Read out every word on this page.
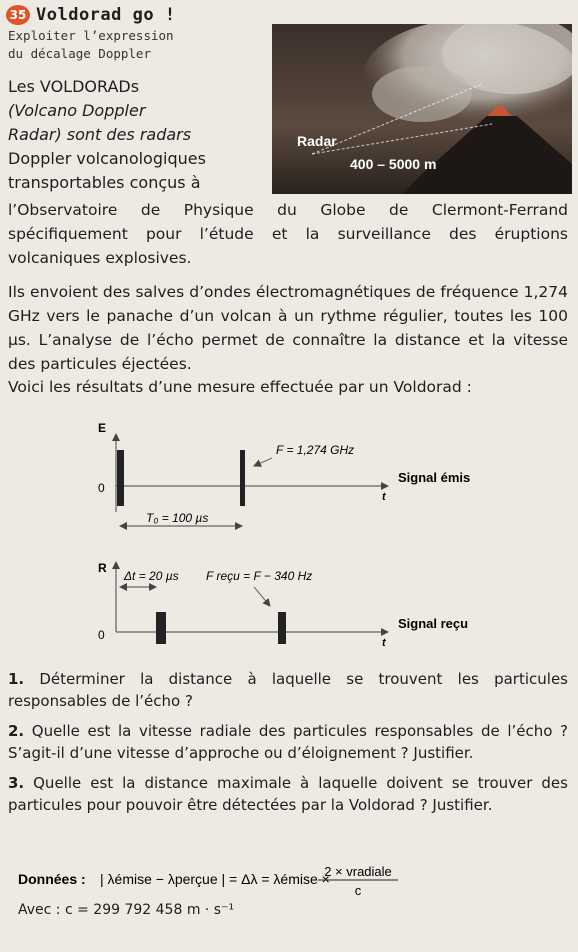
35 Voldorad go !
Exploiter l’expression
du décalage Doppler
Les VOLDORADs
(Volcano Doppler
Radar) sont des radars
Doppler volcanologiques
transportables conçus à
Radar
400 – 5000 m
l’Observatoire de Physique du Globe de Clermont-Ferrand spécifiquement pour l’étude et la surveillance des éruptions volcaniques explosives.
Ils envoient des salves d’ondes électromagnétiques de fréquence 1,274 GHz vers le panache d’un volcan à un rythme régulier, toutes les 100 µs. L’analyse de l’écho permet de connaître la distance et la vitesse des particules éjectées.
Voici les résultats d’une mesure effectuée par un Voldorad :
E
0
F = 1,274 GHz
t
Signal émis
T₀ = 100 µs
R
0
Δt = 20 µs F reçu = F − 340 Hz
t
Signal reçu
1. Déterminer la distance à laquelle se trouvent les particules responsables de l’écho ?
2. Quelle est la vitesse radiale des particules responsables de l’écho ? S’agit-il d’une vitesse d’approche ou d’éloignement ? Justifier.
3. Quelle est la distance maximale à laquelle doivent se trouver des particules pour pouvoir être détectées par la Voldorad ? Justifier.
Données : | λémise − λperçue | = Δλ = λémise ×
2 × vradiale
c
Avec : c = 299 792 458 m · s⁻¹
